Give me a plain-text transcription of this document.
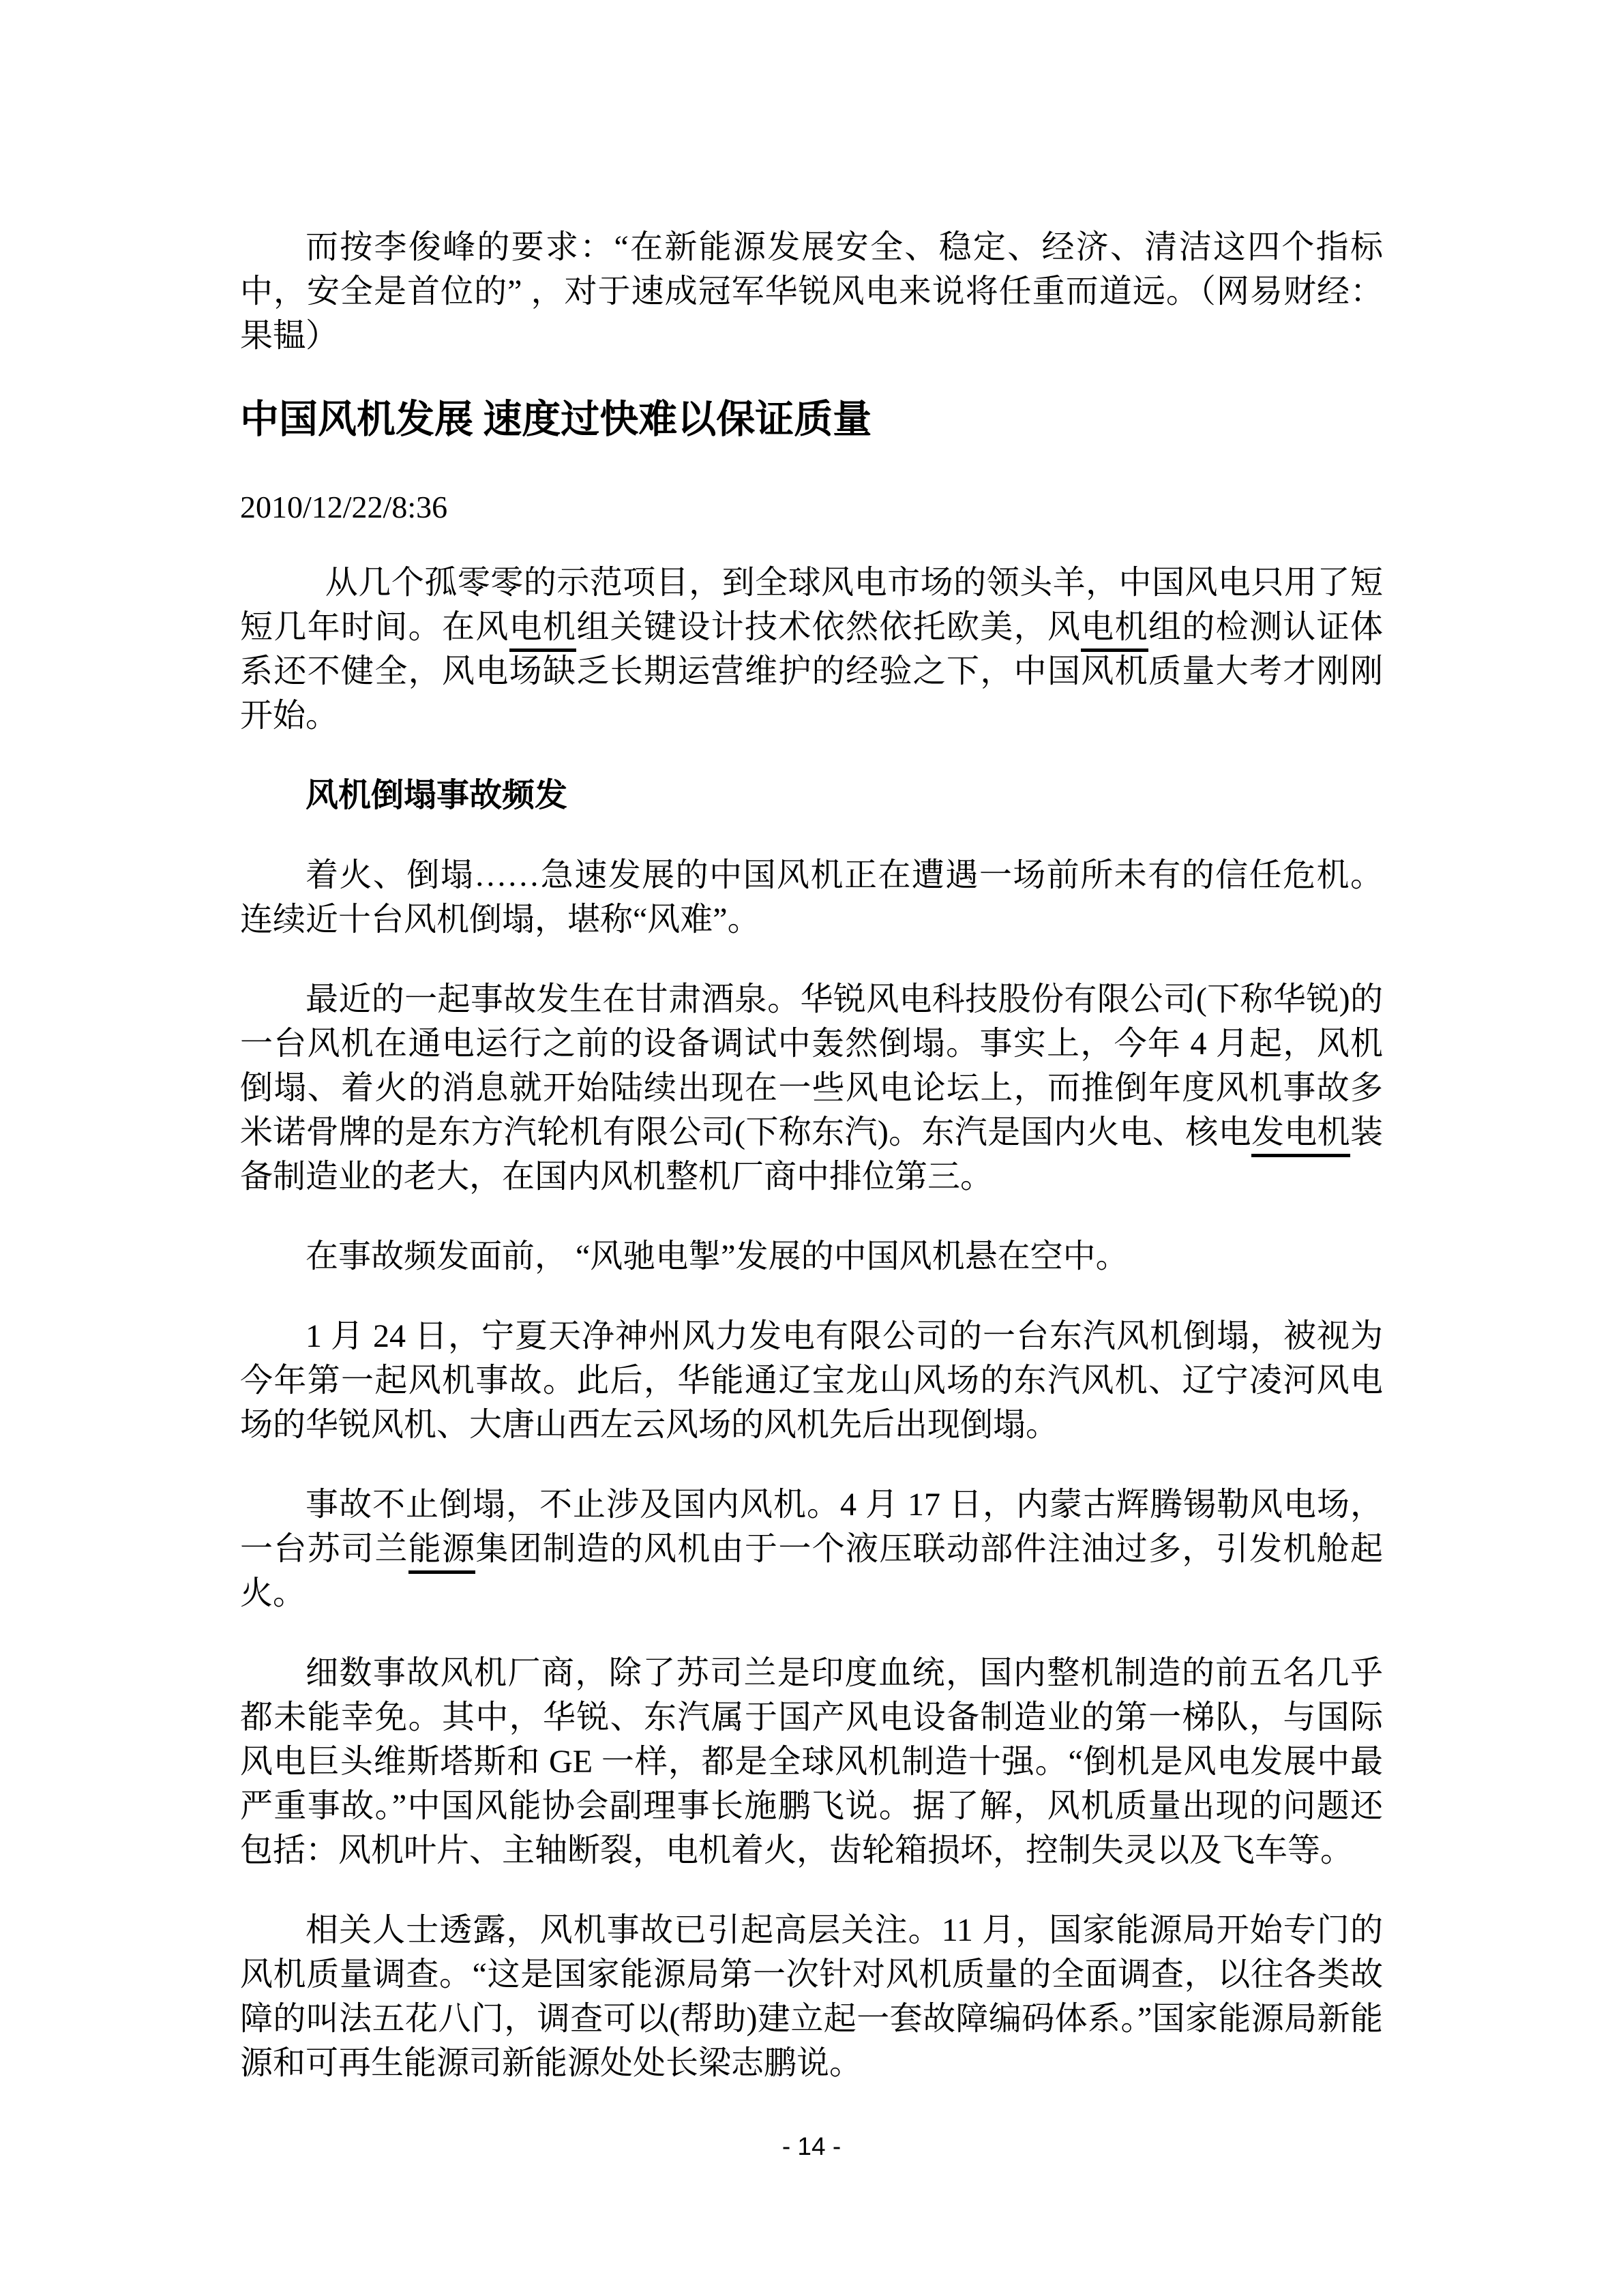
而按李俊峰的要求：“在新能源发展安全、稳定、经济、清洁这四个指标中，安全是首位的” ，对于速成冠军华锐风电来说将任重而道远。（网易财经：果韫）

中国风机发展 速度过快难以保证质量

2010/12/22/8:36

从几个孤零零的示范项目，到全球风电市场的领头羊，中国风电只用了短短几年时间。在风电机组关键设计技术依然依托欧美，风电机组的检测认证体系还不健全，风电场缺乏长期运营维护的经验之下，中国风机质量大考才刚刚开始。

风机倒塌事故频发

着火、倒塌……急速发展的中国风机正在遭遇一场前所未有的信任危机。连续近十台风机倒塌，堪称“风难”。

最近的一起事故发生在甘肃酒泉。华锐风电科技股份有限公司(下称华锐)的一台风机在通电运行之前的设备调试中轰然倒塌。事实上，今年 4 月起，风机倒塌、着火的消息就开始陆续出现在一些风电论坛上，而推倒年度风机事故多米诺骨牌的是东方汽轮机有限公司(下称东汽)。东汽是国内火电、核电发电机装备制造业的老大，在国内风机整机厂商中排位第三。

在事故频发面前， “风驰电掣”发展的中国风机悬在空中。

1 月 24 日，宁夏天净神州风力发电有限公司的一台东汽风机倒塌，被视为今年第一起风机事故。此后，华能通辽宝龙山风场的东汽风机、辽宁凌河风电场的华锐风机、大唐山西左云风场的风机先后出现倒塌。

事故不止倒塌，不止涉及国内风机。4 月 17 日，内蒙古辉腾锡勒风电场，一台苏司兰能源集团制造的风机由于一个液压联动部件注油过多，引发机舱起火。

细数事故风机厂商，除了苏司兰是印度血统，国内整机制造的前五名几乎都未能幸免。其中，华锐、东汽属于国产风电设备制造业的第一梯队，与国际风电巨头维斯塔斯和 GE 一样，都是全球风机制造十强。“倒机是风电发展中最严重事故。”中国风能协会副理事长施鹏飞说。据了解，风机质量出现的问题还包括：风机叶片、主轴断裂，电机着火，齿轮箱损坏，控制失灵以及飞车等。

相关人士透露，风机事故已引起高层关注。11 月，国家能源局开始专门的风机质量调查。“这是国家能源局第一次针对风机质量的全面调查，以往各类故障的叫法五花八门，调查可以(帮助)建立起一套故障编码体系。”国家能源局新能源和可再生能源司新能源处处长梁志鹏说。

- 14 -
